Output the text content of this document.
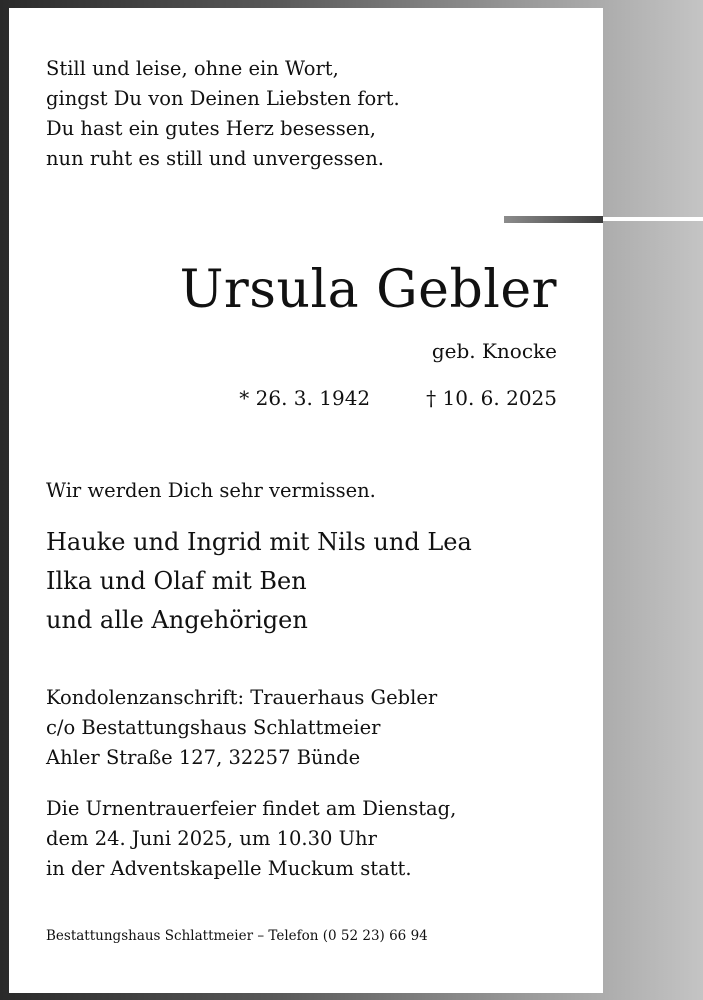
Still und leise, ohne ein Wort,
gingst Du von Deinen Liebsten fort.
Du hast ein gutes Herz besessen,
nun ruht es still und unvergessen.
Ursula Gebler
geb. Knocke
* 26. 3. 1942	† 10. 6. 2025
Wir werden Dich sehr vermissen.
Hauke und Ingrid mit Nils und Lea
Ilka und Olaf mit Ben
und alle Angehörigen
Kondolenzanschrift: Trauerhaus Gebler
c/o Bestattungshaus Schlattmeier
Ahler Straße 127, 32257 Bünde
Die Urnentrauerfeier findet am Dienstag,
dem 24. Juni 2025, um 10.30 Uhr
in der Adventskapelle Muckum statt.
Bestattungshaus Schlattmeier – Telefon (0 52 23) 66 94
